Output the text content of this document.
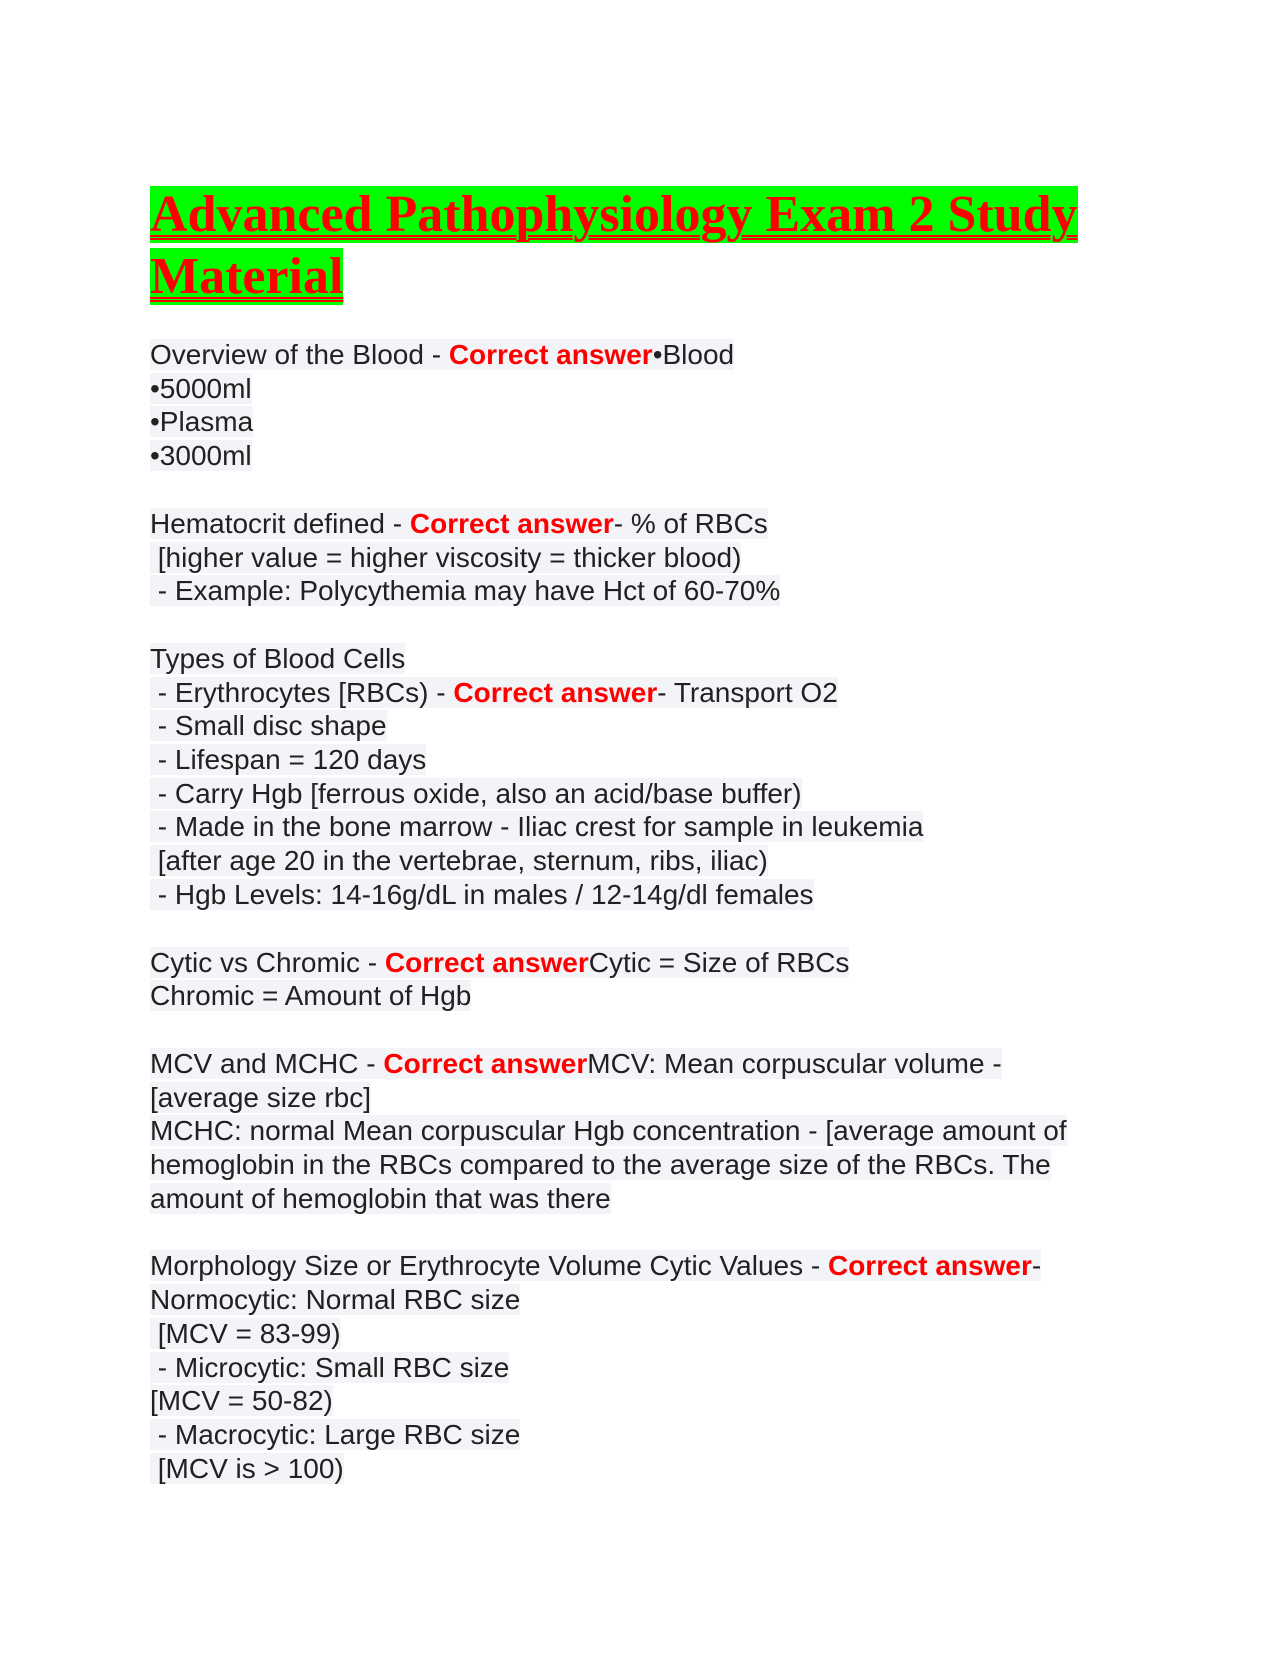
Advanced Pathophysiology Exam 2 Study Material
Overview of the Blood - Correct answer•Blood
•5000ml
•Plasma
•3000ml
Hematocrit defined - Correct answer- % of RBCs
[higher value = higher viscosity = thicker blood)
- Example: Polycythemia may have Hct of 60-70%
Types of Blood Cells
- Erythrocytes [RBCs) - Correct answer- Transport O2
- Small disc shape
- Lifespan = 120 days
- Carry Hgb [ferrous oxide, also an acid/base buffer)
- Made in the bone marrow - Iliac crest for sample in leukemia
[after age 20 in the vertebrae, sternum, ribs, iliac)
- Hgb Levels: 14-16g/dL in males / 12-14g/dl females
Cytic vs Chromic - Correct answerCytic = Size of RBCs
Chromic = Amount of Hgb
MCV and MCHC - Correct answerMCV: Mean corpuscular volume -
[average size rbc]
MCHC: normal Mean corpuscular Hgb concentration - [average amount of
hemoglobin in the RBCs compared to the average size of the RBCs. The
amount of hemoglobin that was there
Morphology Size or Erythrocyte Volume Cytic Values - Correct answer-
Normocytic: Normal RBC size
[MCV = 83-99)
- Microcytic: Small RBC size
[MCV = 50-82)
- Macrocytic: Large RBC size
[MCV is > 100)
